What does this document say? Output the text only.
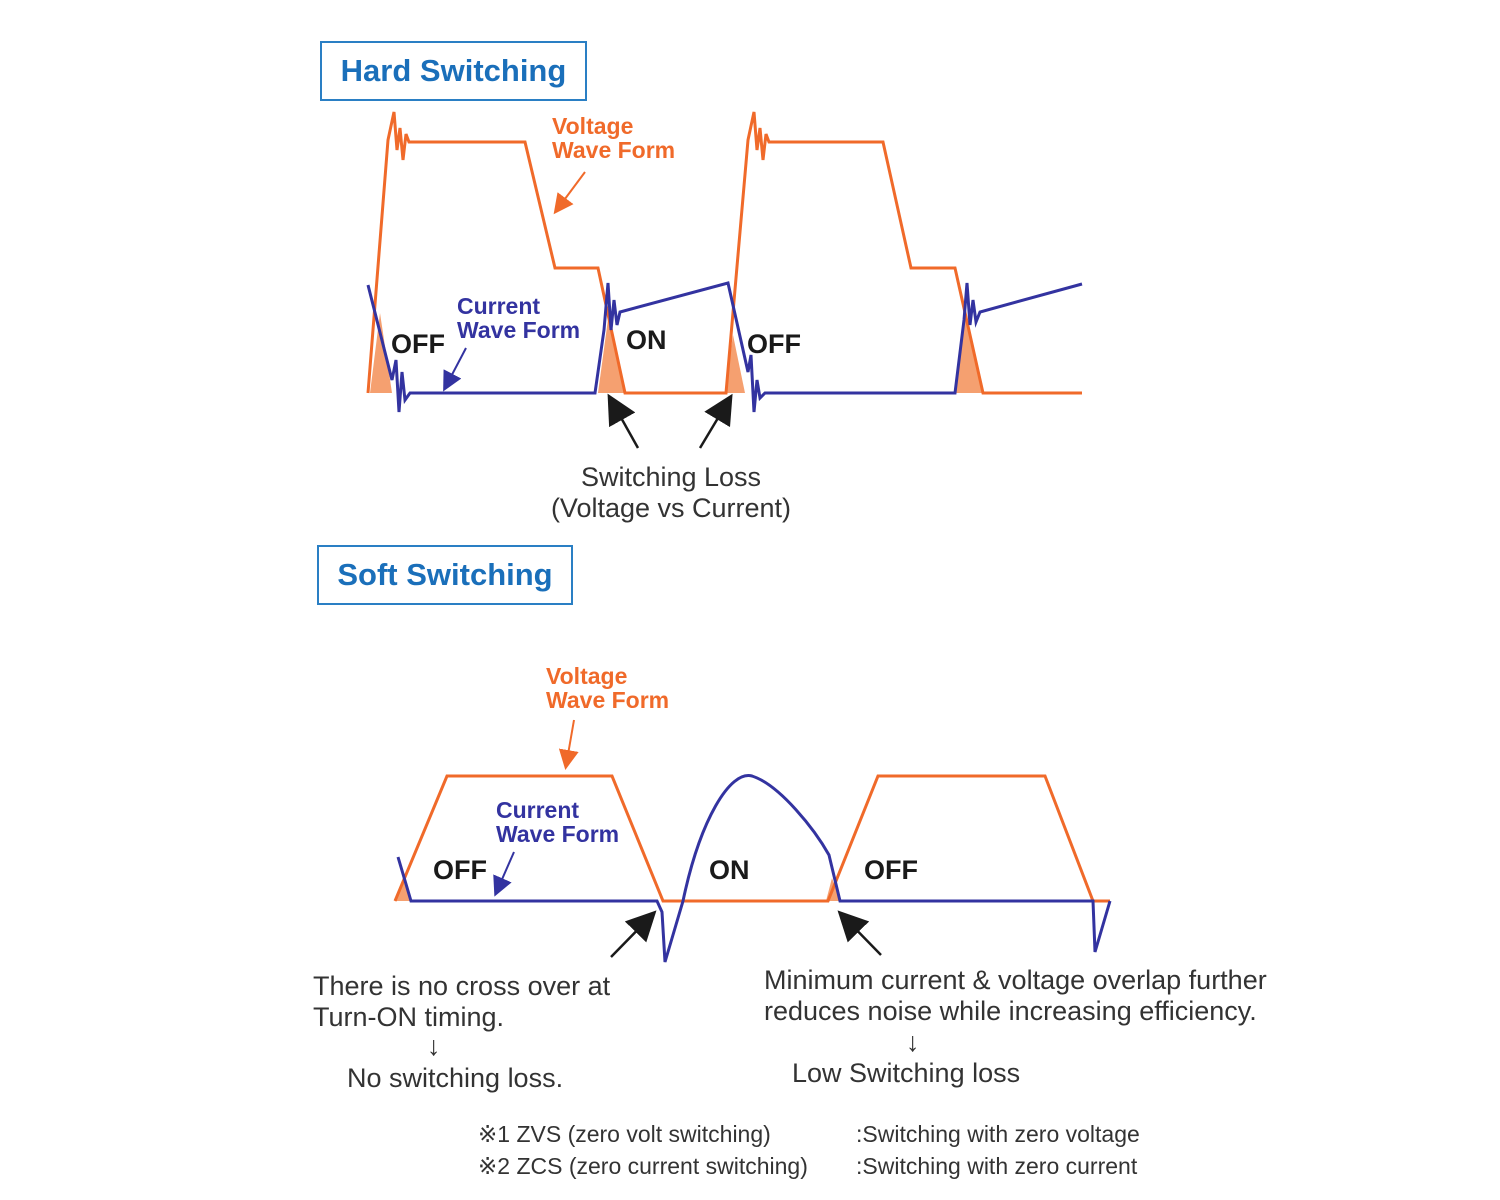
Hard Switching
Voltage
Wave Form
Current
Wave Form
OFF	ON	OFF
Switching Loss
(Voltage vs Current)
Soft Switching
Voltage
Wave Form
Current
Wave Form
OFF	ON	OFF
There is no cross over at
Turn-ON timing.
↓
No switching loss.
Minimum current & voltage overlap further
reduces noise while increasing efficiency.
↓
Low Switching loss
※1 ZVS (zero volt switching)	:Switching with zero voltage
※2 ZCS (zero current switching) :Switching with zero current
